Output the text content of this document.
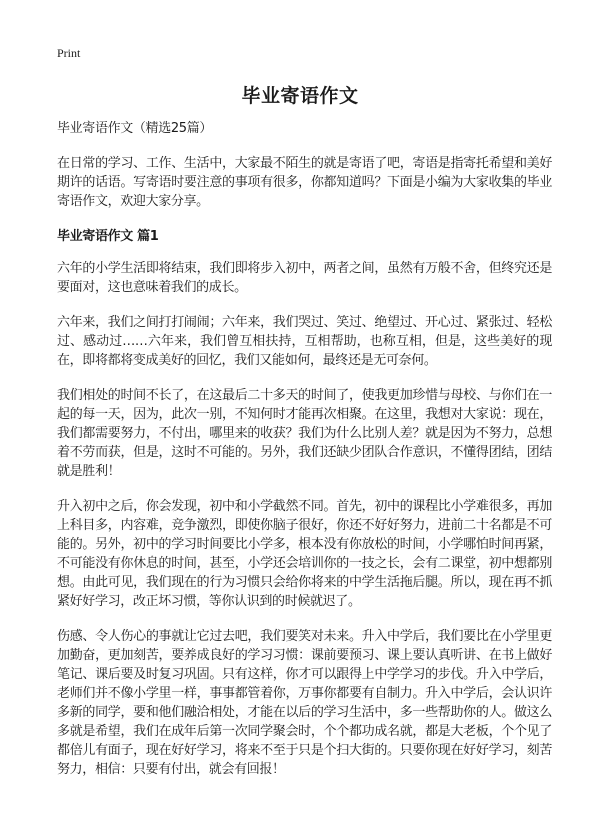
Print
毕业寄语作文

毕业寄语作文（精选25篇）

在日常的学习、工作、生活中，大家最不陌生的就是寄语了吧，寄语是指寄托希望和美好期许的话语。写寄语时要注意的事项有很多，你都知道吗？下面是小编为大家收集的毕业寄语作文，欢迎大家分享。

毕业寄语作文 篇1

六年的小学生活即将结束，我们即将步入初中，两者之间，虽然有万般不舍，但终究还是要面对，这也意味着我们的成长。

六年来，我们之间打打闹闹；六年来，我们哭过、笑过、绝望过、开心过、紧张过、轻松过、感动过……六年来，我们曾互相扶持，互相帮助，也称互相，但是，这些美好的现在，即将都将变成美好的回忆，我们又能如何，最终还是无可奈何。

我们相处的时间不长了，在这最后二十多天的时间了，使我更加珍惜与母校、与你们在一起的每一天，因为，此次一别，不知何时才能再次相聚。在这里，我想对大家说：现在，我们都需要努力，不付出，哪里来的收获？我们为什么比别人差？就是因为不努力，总想着不劳而获，但是，这时不可能的。另外，我们还缺少团队合作意识，不懂得团结，团结就是胜利！

升入初中之后，你会发现，初中和小学截然不同。首先，初中的课程比小学难很多，再加上科目多，内容难，竞争激烈，即使你脑子很好，你还不好好努力，进前二十名都是不可能的。另外，初中的学习时间要比小学多，根本没有你放松的时间，小学哪怕时间再紧，不可能没有你休息的时间，甚至，小学还会培训你的一技之长，会有二课堂，初中想都别想。由此可见，我们现在的行为习惯只会给你将来的中学生活拖后腿。所以，现在再不抓紧好好学习，改正坏习惯，等你认识到的时候就迟了。

伤感、令人伤心的事就让它过去吧，我们要笑对未来。升入中学后，我们要比在小学里更加勤奋，更加刻苦，要养成良好的学习习惯：课前要预习、课上要认真听讲、在书上做好笔记、课后要及时复习巩固。只有这样，你才可以跟得上中学学习的步伐。升入中学后，老师们并不像小学里一样，事事都管着你，万事你都要有自制力。升入中学后，会认识许多新的同学，要和他们融洽相处，才能在以后的学习生活中，多一些帮助你的人。做这么多就是希望，我们在成年后第一次同学聚会时，个个都功成名就，都是大老板，个个见了都倍儿有面子，现在好好学习，将来不至于只是个扫大街的。只要你现在好好学习，刻苦努力，相信：只要有付出，就会有回报！
